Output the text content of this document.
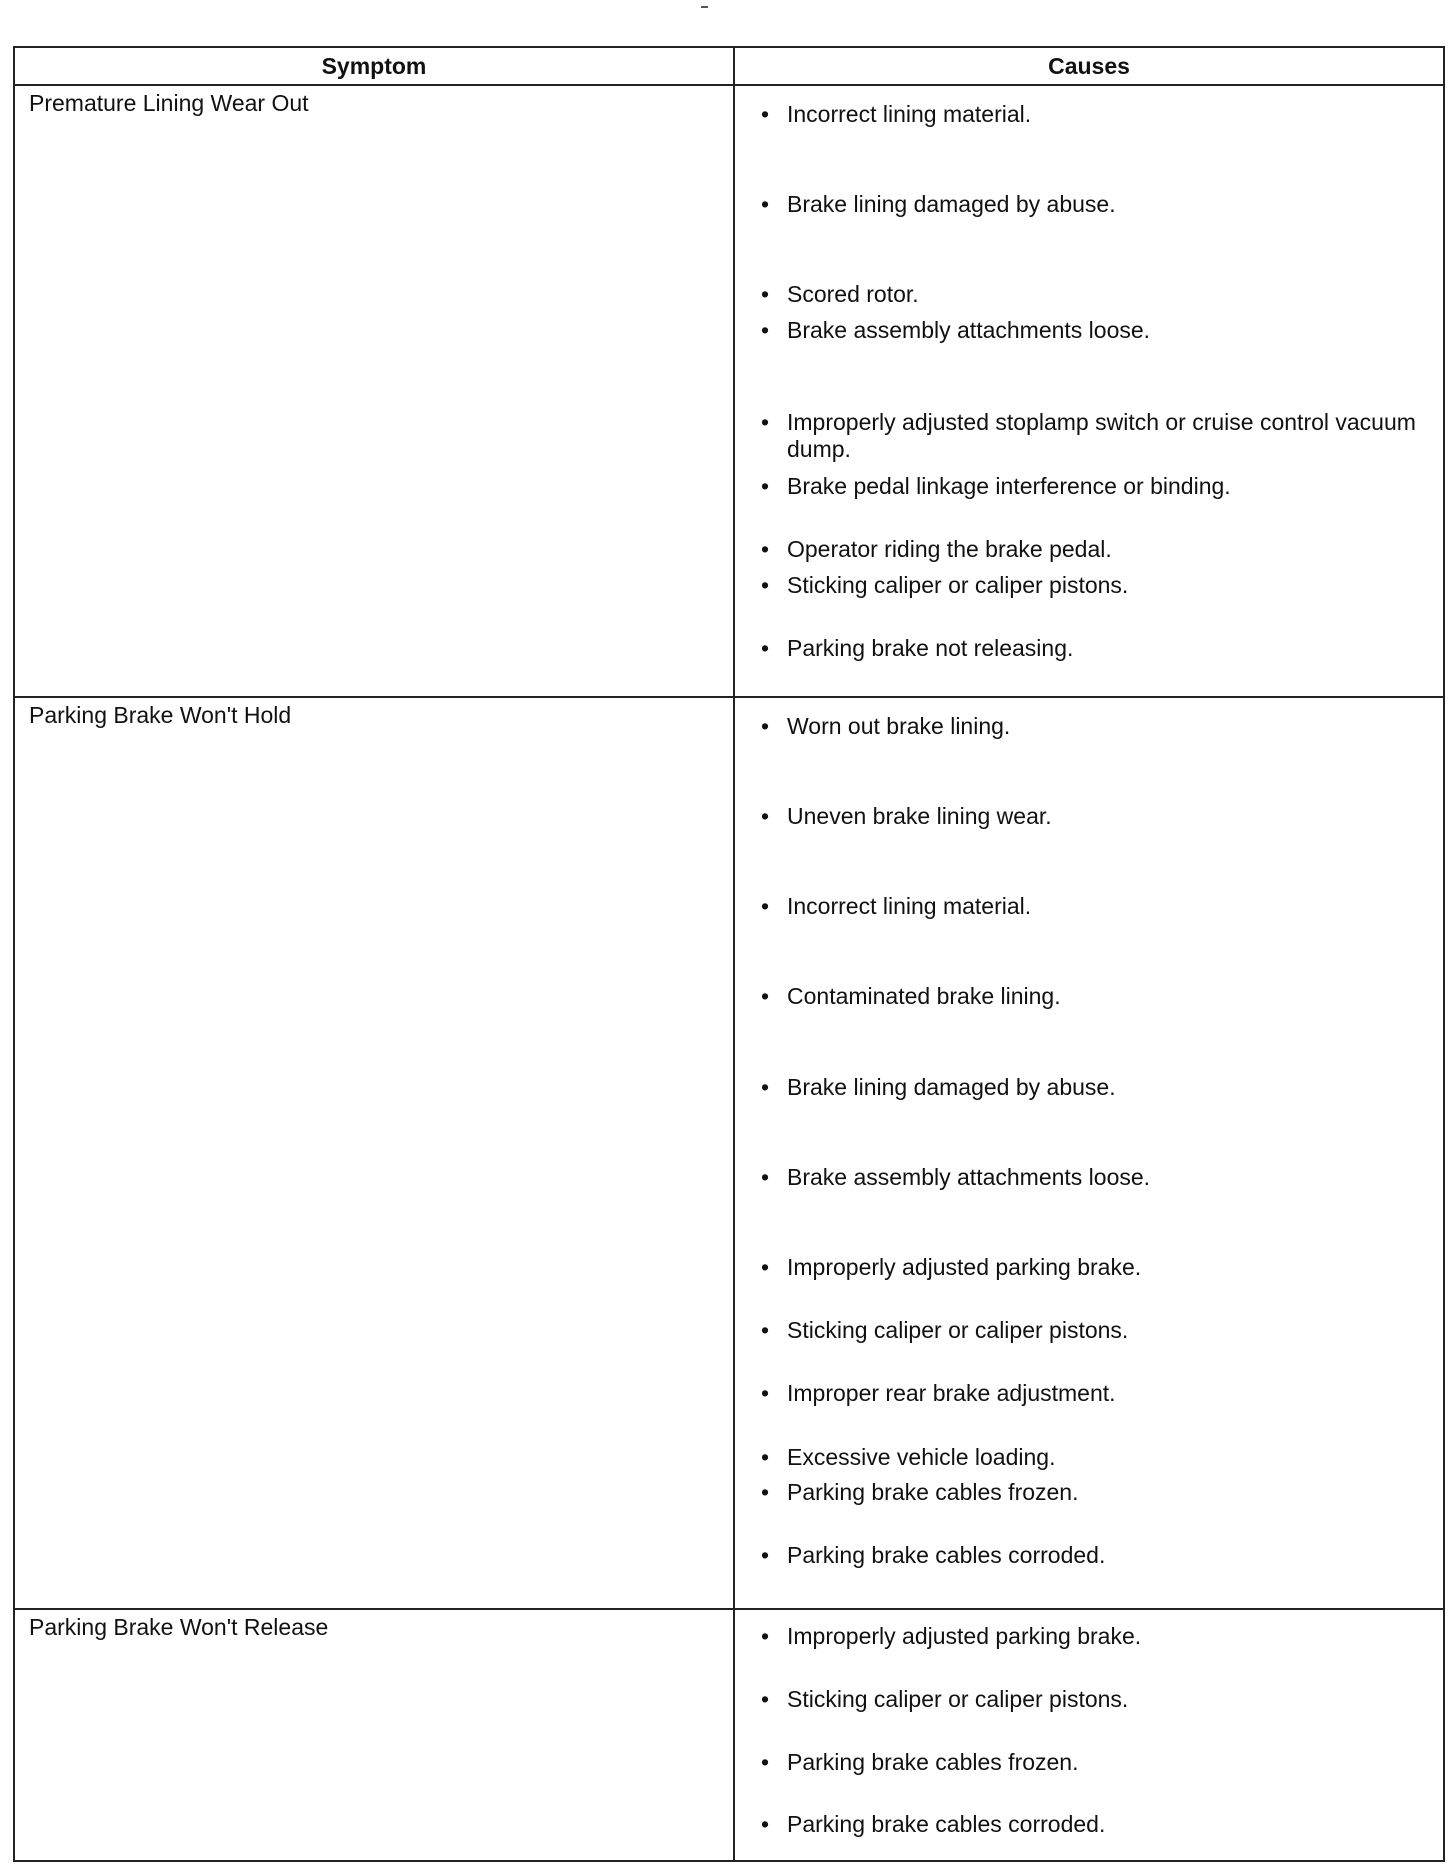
Symptom	Causes
Premature Lining Wear Out	• Incorrect lining material.
• Brake lining damaged by abuse.
• Scored rotor.
• Brake assembly attachments loose.
• Improperly adjusted stoplamp switch or cruise control vacuum dump.
• Brake pedal linkage interference or binding.
• Operator riding the brake pedal.
• Sticking caliper or caliper pistons.
• Parking brake not releasing.
Parking Brake Won't Hold	• Worn out brake lining.
• Uneven brake lining wear.
• Incorrect lining material.
• Contaminated brake lining.
• Brake lining damaged by abuse.
• Brake assembly attachments loose.
• Improperly adjusted parking brake.
• Sticking caliper or caliper pistons.
• Improper rear brake adjustment.
• Excessive vehicle loading.
• Parking brake cables frozen.
• Parking brake cables corroded.
Parking Brake Won't Release	• Improperly adjusted parking brake.
• Sticking caliper or caliper pistons.
• Parking brake cables frozen.
• Parking brake cables corroded.
